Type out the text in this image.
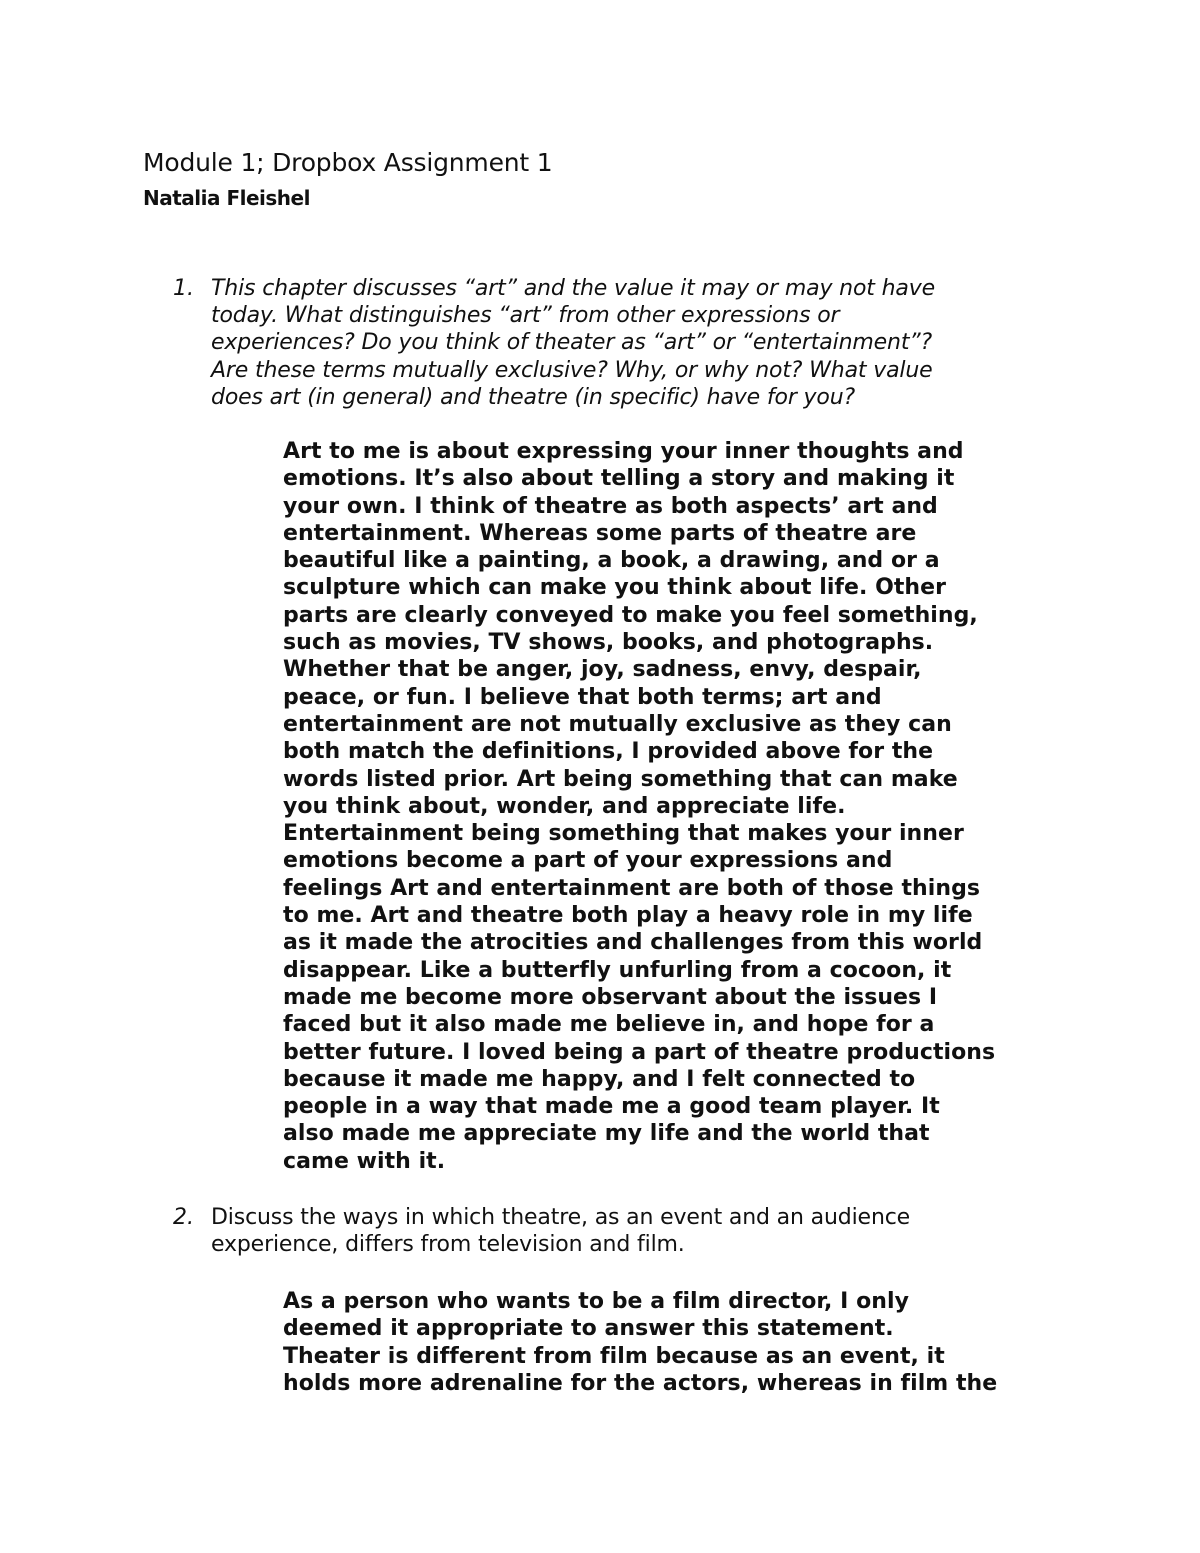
Module 1; Dropbox Assignment 1
Natalia Fleishel
1. This chapter discusses “art” and the value it may or may not have
today. What distinguishes “art” from other expressions or
experiences? Do you think of theater as “art” or “entertainment”?
Are these terms mutually exclusive? Why, or why not? What value
does art (in general) and theatre (in specific) have for you?
Art to me is about expressing your inner thoughts and
emotions. It’s also about telling a story and making it
your own. I think of theatre as both aspects’ art and
entertainment. Whereas some parts of theatre are
beautiful like a painting, a book, a drawing, and or a
sculpture which can make you think about life. Other
parts are clearly conveyed to make you feel something,
such as movies, TV shows, books, and photographs.
Whether that be anger, joy, sadness, envy, despair,
peace, or fun. I believe that both terms; art and
entertainment are not mutually exclusive as they can
both match the definitions, I provided above for the
words listed prior. Art being something that can make
you think about, wonder, and appreciate life.
Entertainment being something that makes your inner
emotions become a part of your expressions and
feelings Art and entertainment are both of those things
to me. Art and theatre both play a heavy role in my life
as it made the atrocities and challenges from this world
disappear. Like a butterfly unfurling from a cocoon, it
made me become more observant about the issues I
faced but it also made me believe in, and hope for a
better future. I loved being a part of theatre productions
because it made me happy, and I felt connected to
people in a way that made me a good team player. It
also made me appreciate my life and the world that
came with it.
2. Discuss the ways in which theatre, as an event and an audience
experience, differs from television and film.
As a person who wants to be a film director, I only
deemed it appropriate to answer this statement.
Theater is different from film because as an event, it
holds more adrenaline for the actors, whereas in film the
